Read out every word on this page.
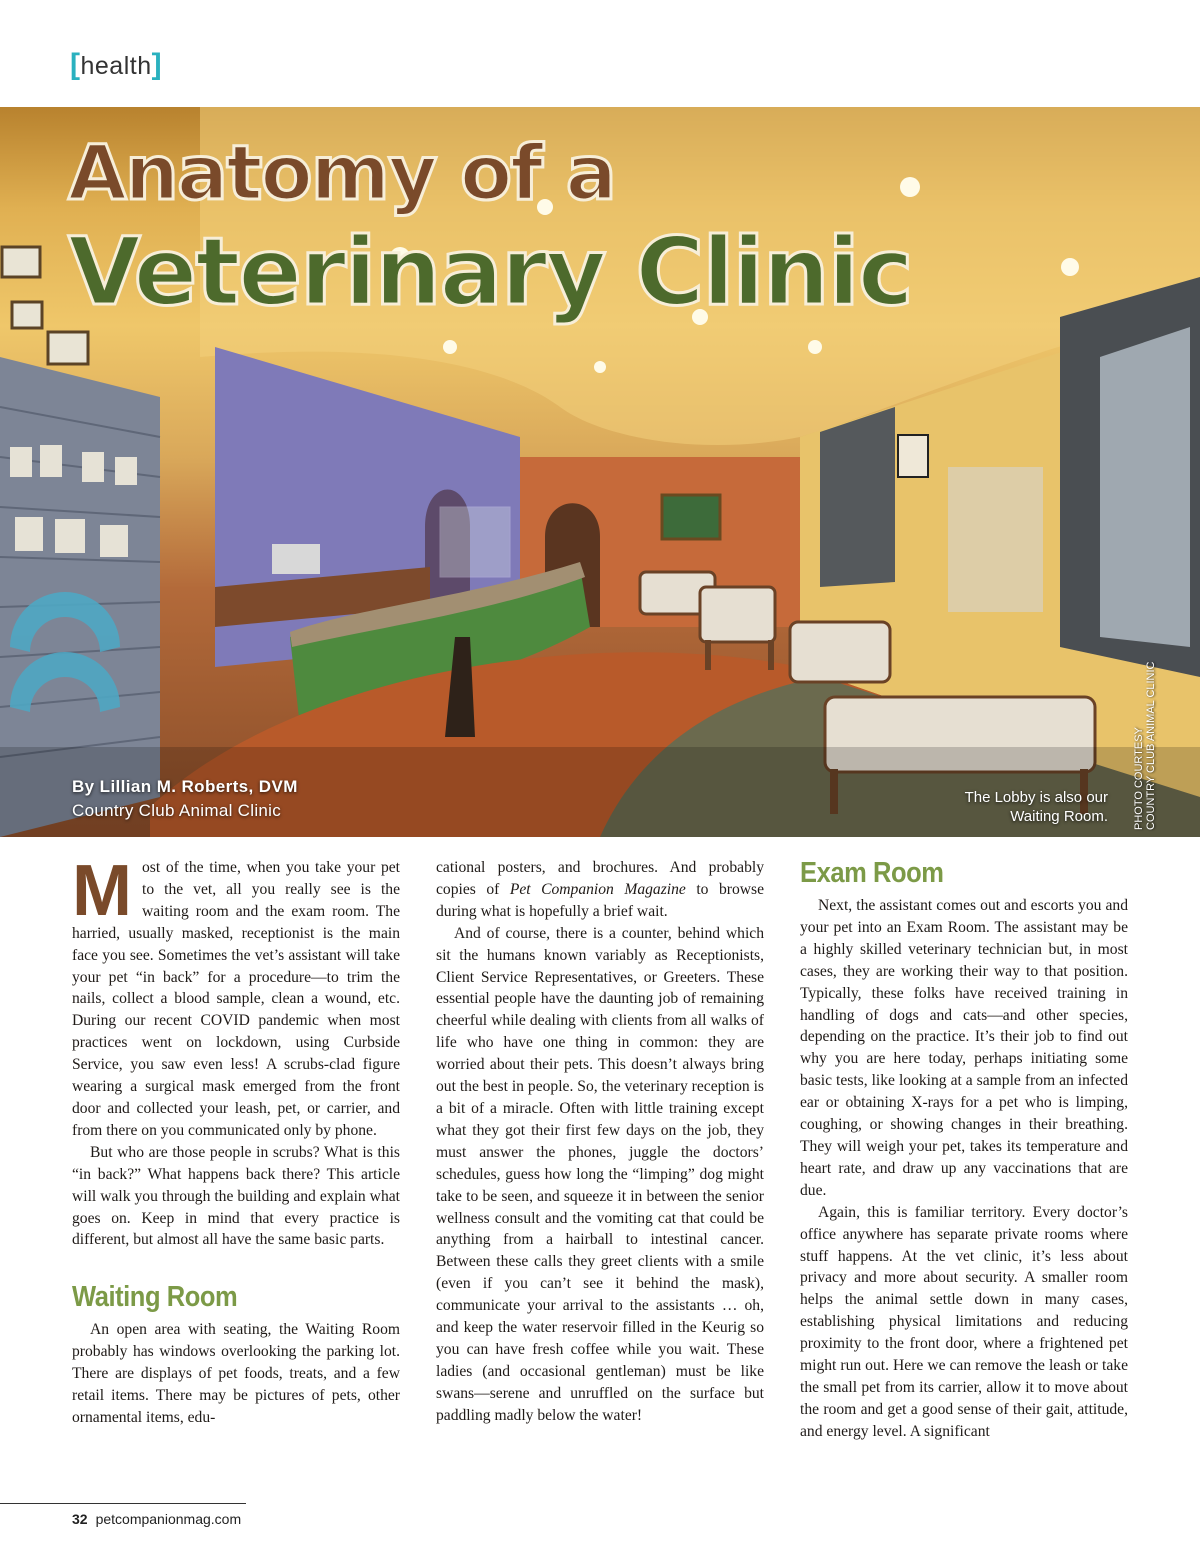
[health]
Anatomy of a
Veterinary Clinic
By Lillian M. Roberts, DVM
Country Club Animal Clinic
The Lobby is also our
Waiting Room. PHOTO COURTESY COUNTRY CLUB ANIMAL CLINIC

Most of the time, when you take your pet to the vet, all you really see is the waiting room and the exam room. The harried, usually masked, receptionist is the main face you see. Sometimes the vet’s assistant will take your pet “in back” for a procedure—to trim the nails, collect a blood sample, clean a wound, etc. During our recent COVID pandemic when most practices went on lockdown, using Curbside Service, you saw even less! A scrubs-clad figure wearing a surgical mask emerged from the front door and collected your leash, pet, or carrier, and from there on you communicated only by phone.

But who are those people in scrubs? What is this “in back?” What happens back there? This article will walk you through the building and explain what goes on. Keep in mind that every practice is different, but almost all have the same basic parts.

Waiting Room

An open area with seating, the Waiting Room probably has windows overlooking the parking lot. There are displays of pet foods, treats, and a few retail items. There may be pictures of pets, other ornamental items, edu-

cational posters, and brochures. And probably copies of Pet Companion Magazine to browse during what is hopefully a brief wait.

And of course, there is a counter, behind which sit the humans known variably as Receptionists, Client Service Representatives, or Greeters. These essential people have the daunting job of remaining cheerful while dealing with clients from all walks of life who have one thing in common: they are worried about their pets. This doesn’t always bring out the best in people. So, the veterinary reception is a bit of a miracle. Often with little training except what they got their first few days on the job, they must answer the phones, juggle the doctors’ schedules, guess how long the “limping” dog might take to be seen, and squeeze it in between the senior wellness consult and the vomiting cat that could be anything from a hairball to intestinal cancer. Between these calls they greet clients with a smile (even if you can’t see it behind the mask), communicate your arrival to the assistants … oh, and keep the water reservoir filled in the Keurig so you can have fresh coffee while you wait. These ladies (and occasional gentleman) must be like swans—serene and unruffled on the surface but paddling madly below the water!

Exam Room

Next, the assistant comes out and escorts you and your pet into an Exam Room. The assistant may be a highly skilled veterinary technician but, in most cases, they are working their way to that position. Typically, these folks have received training in handling of dogs and cats—and other species, depending on the practice. It’s their job to find out why you are here today, perhaps initiating some basic tests, like looking at a sample from an infected ear or obtaining X-rays for a pet who is limping, coughing, or showing changes in their breathing. They will weigh your pet, takes its temperature and heart rate, and draw up any vaccinations that are due.

Again, this is familiar territory. Every doctor’s office anywhere has separate private rooms where stuff happens. At the vet clinic, it’s less about privacy and more about security. A smaller room helps the animal settle down in many cases, establishing physical limitations and reducing proximity to the front door, where a frightened pet might run out. Here we can remove the leash or take the small pet from its carrier, allow it to move about the room and get a good sense of their gait, attitude, and energy level. A significant

32 petcompanionmag.com
